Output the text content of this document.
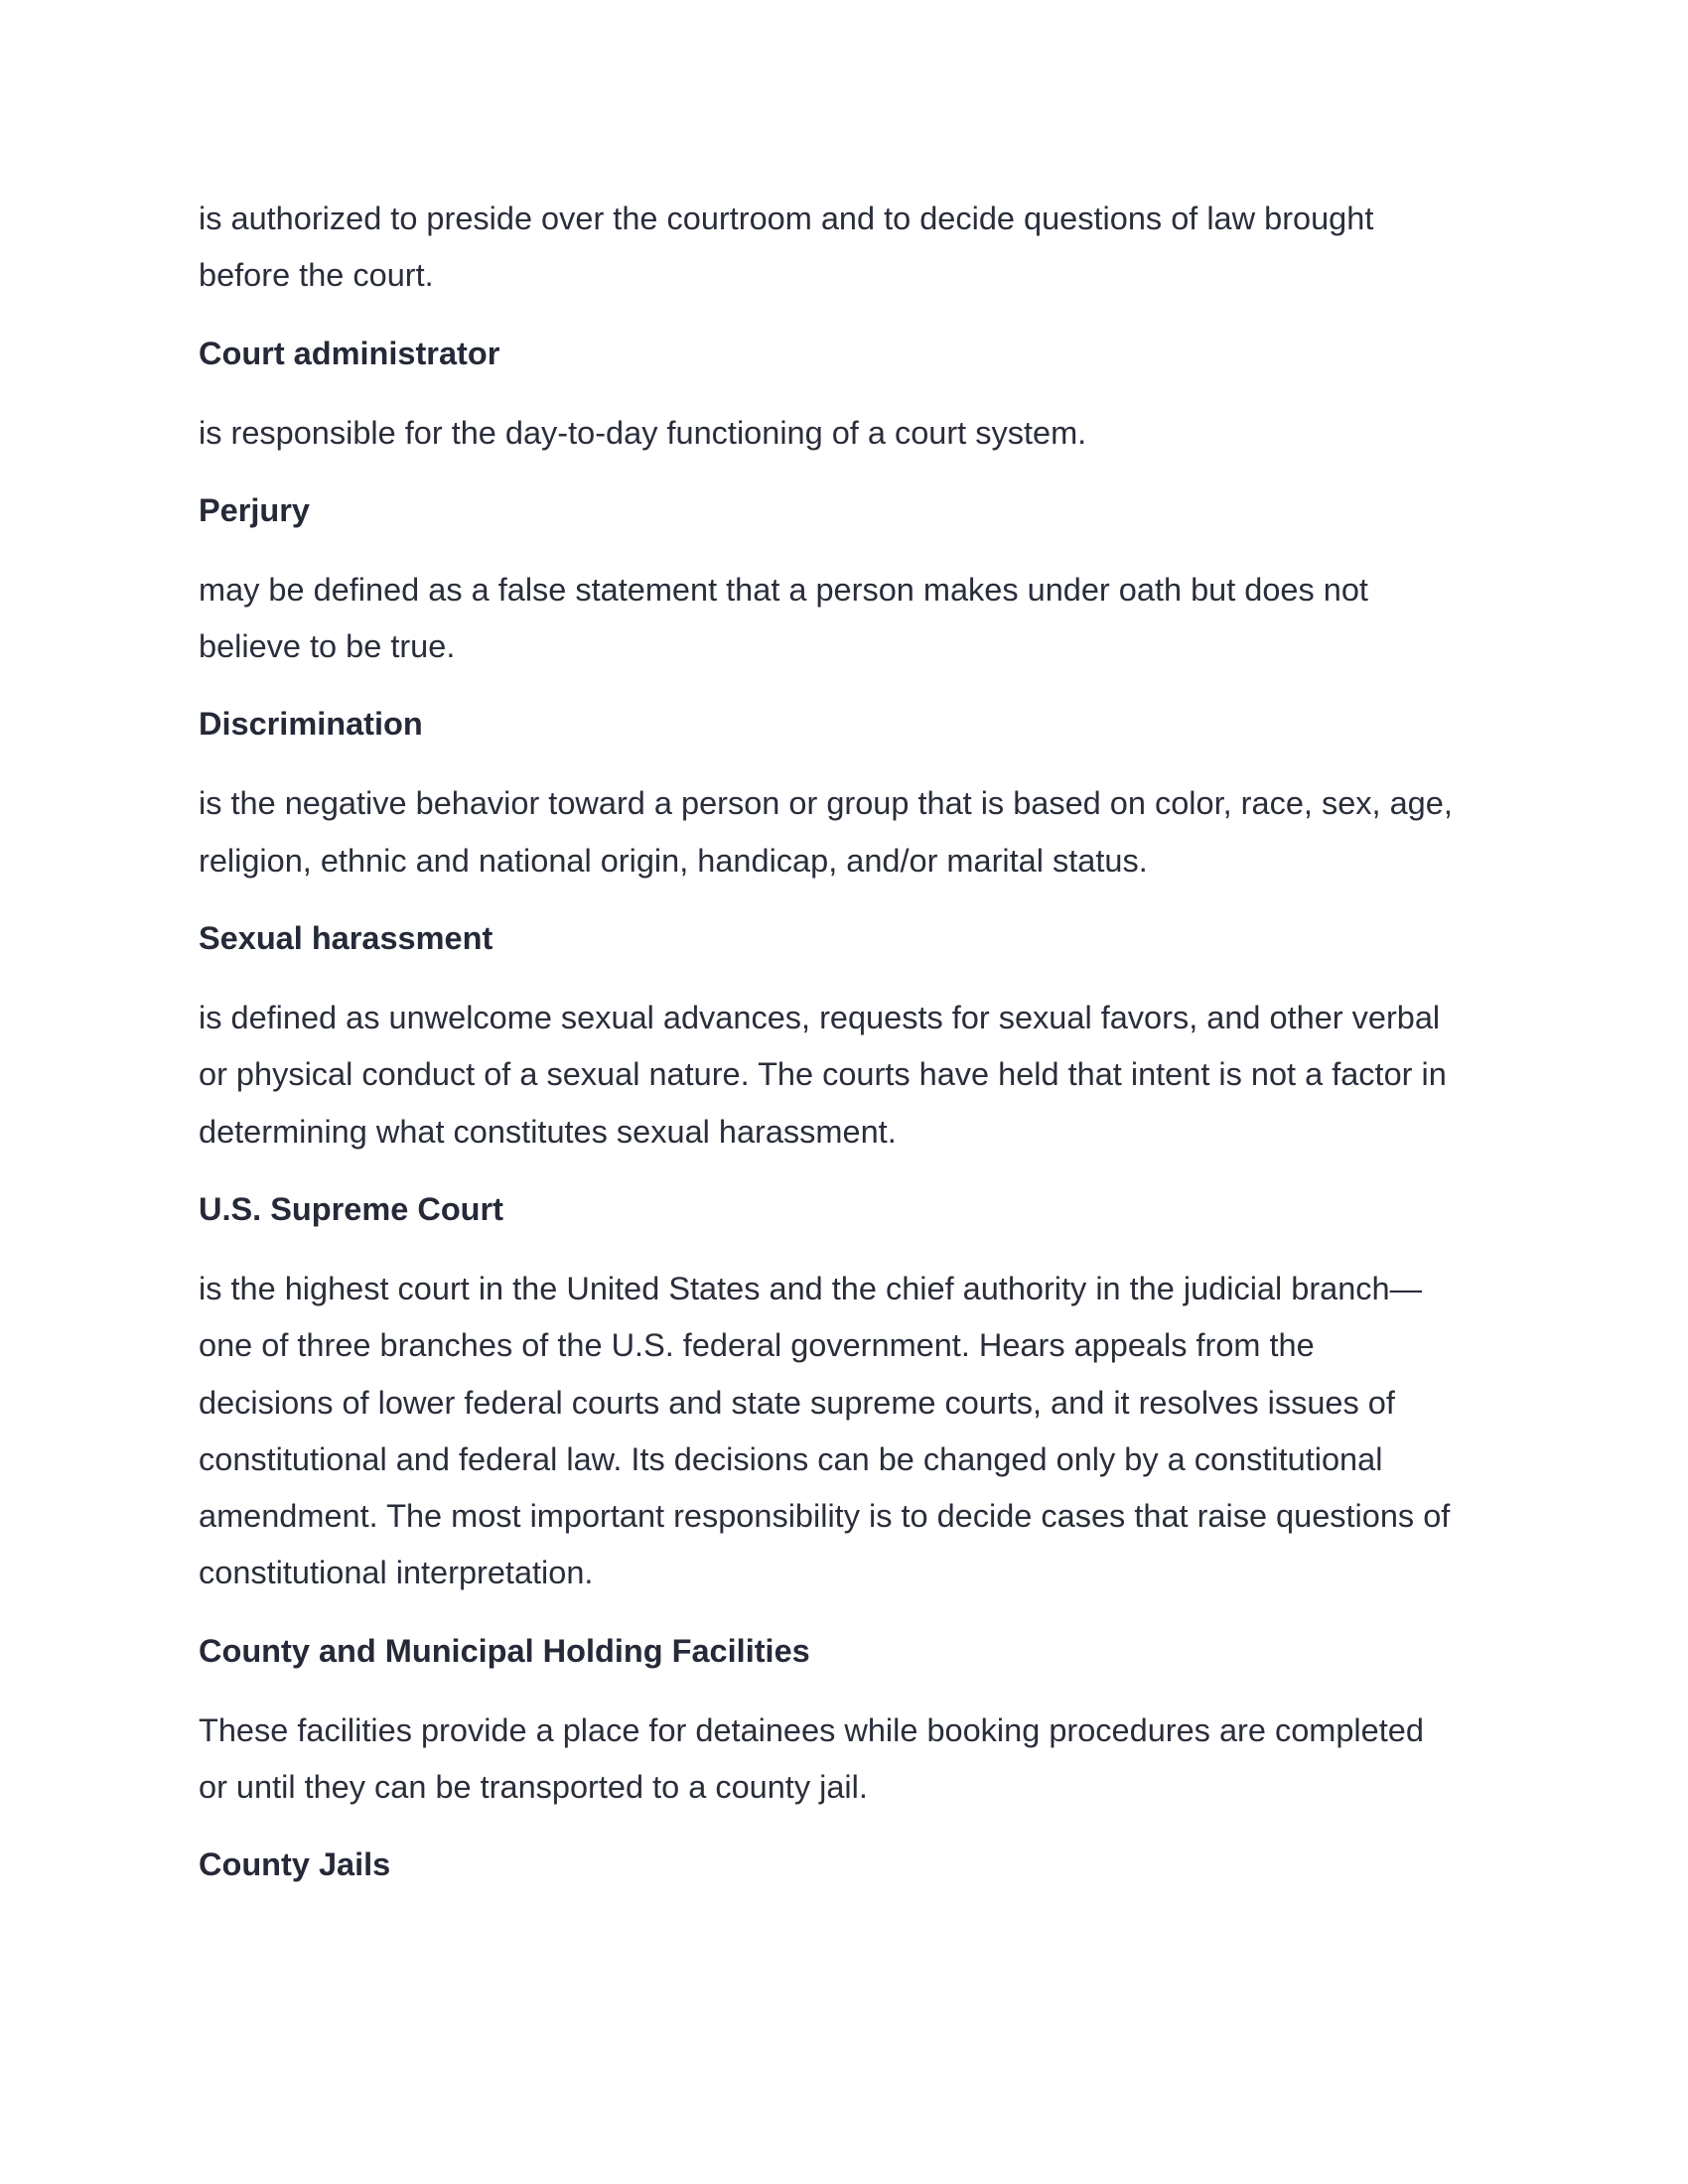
is authorized to preside over the courtroom and to decide questions of law brought
before the court.
Court administrator
is responsible for the day-to-day functioning of a court system.
Perjury
may be defined as a false statement that a person makes under oath but does not
believe to be true.
Discrimination
is the negative behavior toward a person or group that is based on color, race, sex, age,
religion, ethnic and national origin, handicap, and/or marital status.
Sexual harassment
is defined as unwelcome sexual advances, requests for sexual favors, and other verbal
or physical conduct of a sexual nature. The courts have held that intent is not a factor in
determining what constitutes sexual harassment.
U.S. Supreme Court
is the highest court in the United States and the chief authority in the judicial branch—
one of three branches of the U.S. federal government. Hears appeals from the
decisions of lower federal courts and state supreme courts, and it resolves issues of
constitutional and federal law. Its decisions can be changed only by a constitutional
amendment. The most important responsibility is to decide cases that raise questions of
constitutional interpretation.
County and Municipal Holding Facilities
These facilities provide a place for detainees while booking procedures are completed
or until they can be transported to a county jail.
County Jails
